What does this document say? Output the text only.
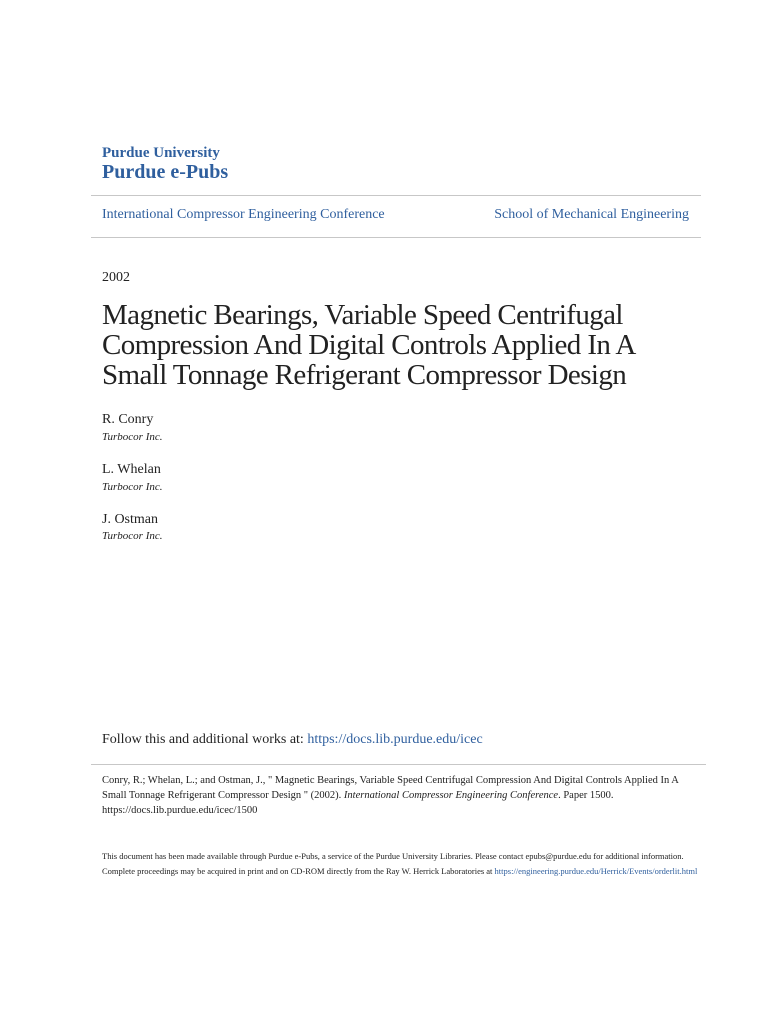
Purdue University
Purdue e-Pubs
International Compressor Engineering Conference	School of Mechanical Engineering
2002
Magnetic Bearings, Variable Speed Centrifugal Compression And Digital Controls Applied In A Small Tonnage Refrigerant Compressor Design
R. Conry
Turbocor Inc.
L. Whelan
Turbocor Inc.
J. Ostman
Turbocor Inc.
Follow this and additional works at: https://docs.lib.purdue.edu/icec
Conry, R.; Whelan, L.; and Ostman, J., " Magnetic Bearings, Variable Speed Centrifugal Compression And Digital Controls Applied In A Small Tonnage Refrigerant Compressor Design " (2002). International Compressor Engineering Conference. Paper 1500.
https://docs.lib.purdue.edu/icec/1500
This document has been made available through Purdue e-Pubs, a service of the Purdue University Libraries. Please contact epubs@purdue.edu for additional information.
Complete proceedings may be acquired in print and on CD-ROM directly from the Ray W. Herrick Laboratories at https://engineering.purdue.edu/Herrick/Events/orderlit.html
